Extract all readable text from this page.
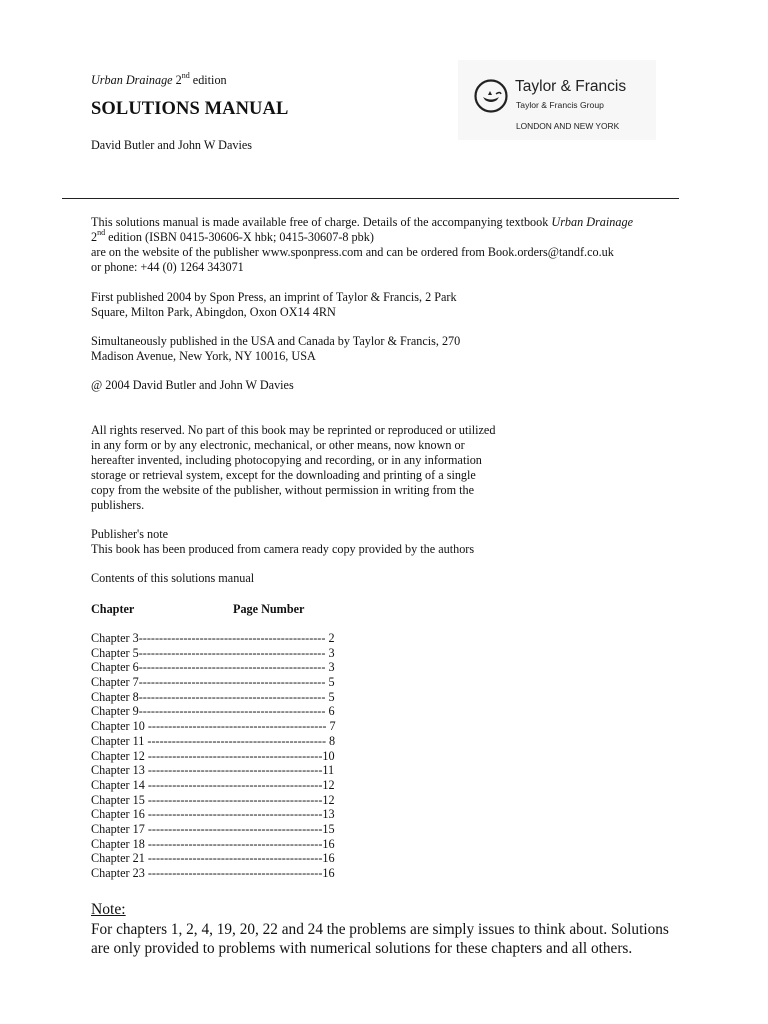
Urban Drainage 2nd edition
SOLUTIONS MANUAL
David Butler and John W Davies
Taylor & Francis
Taylor & Francis Group
LONDON AND NEW YORK
This solutions manual is made available free of charge. Details of the accompanying textbook Urban Drainage
2nd edition (ISBN 0415-30606-X hbk; 0415-30607-8 pbk)
are on the website of the publisher www.sponpress.com and can be ordered from Book.orders@tandf.co.uk
or phone: +44 (0) 1264 343071
First published 2004 by Spon Press, an imprint of Taylor & Francis, 2 Park
Square, Milton Park, Abingdon, Oxon OX14 4RN
Simultaneously published in the USA and Canada by Taylor & Francis, 270
Madison Avenue, New York, NY 10016, USA
@ 2004 David Butler and John W Davies
All rights reserved. No part of this book may be reprinted or reproduced or utilized
in any form or by any electronic, mechanical, or other means, now known or
hereafter invented, including photocopying and recording, or in any information
storage or retrieval system, except for the downloading and printing of a single
copy from the website of the publisher, without permission in writing from the
publishers.
Publisher's note
This book has been produced from camera ready copy provided by the authors
Contents of this solutions manual
Chapter	Page Number
Chapter 3 ---------------------------------------------- 2
Chapter 5 ---------------------------------------------- 3
Chapter 6 ---------------------------------------------- 3
Chapter 7 ---------------------------------------------- 5
Chapter 8 ---------------------------------------------- 5
Chapter 9 ---------------------------------------------- 6
Chapter 10 -------------------------------------------- 7
Chapter 11 -------------------------------------------- 8
Chapter 12 ------------------------------------------- 10
Chapter 13 ------------------------------------------- 11
Chapter 14 ------------------------------------------- 12
Chapter 15 ------------------------------------------- 12
Chapter 16 ------------------------------------------- 13
Chapter 17 ------------------------------------------- 15
Chapter 18 ------------------------------------------- 16
Chapter 21 ------------------------------------------- 16
Chapter 23 ------------------------------------------- 16
Note:
For chapters 1, 2, 4, 19, 20, 22 and 24 the problems are simply issues to think about. Solutions are only provided to problems with numerical solutions for these chapters and all others.
